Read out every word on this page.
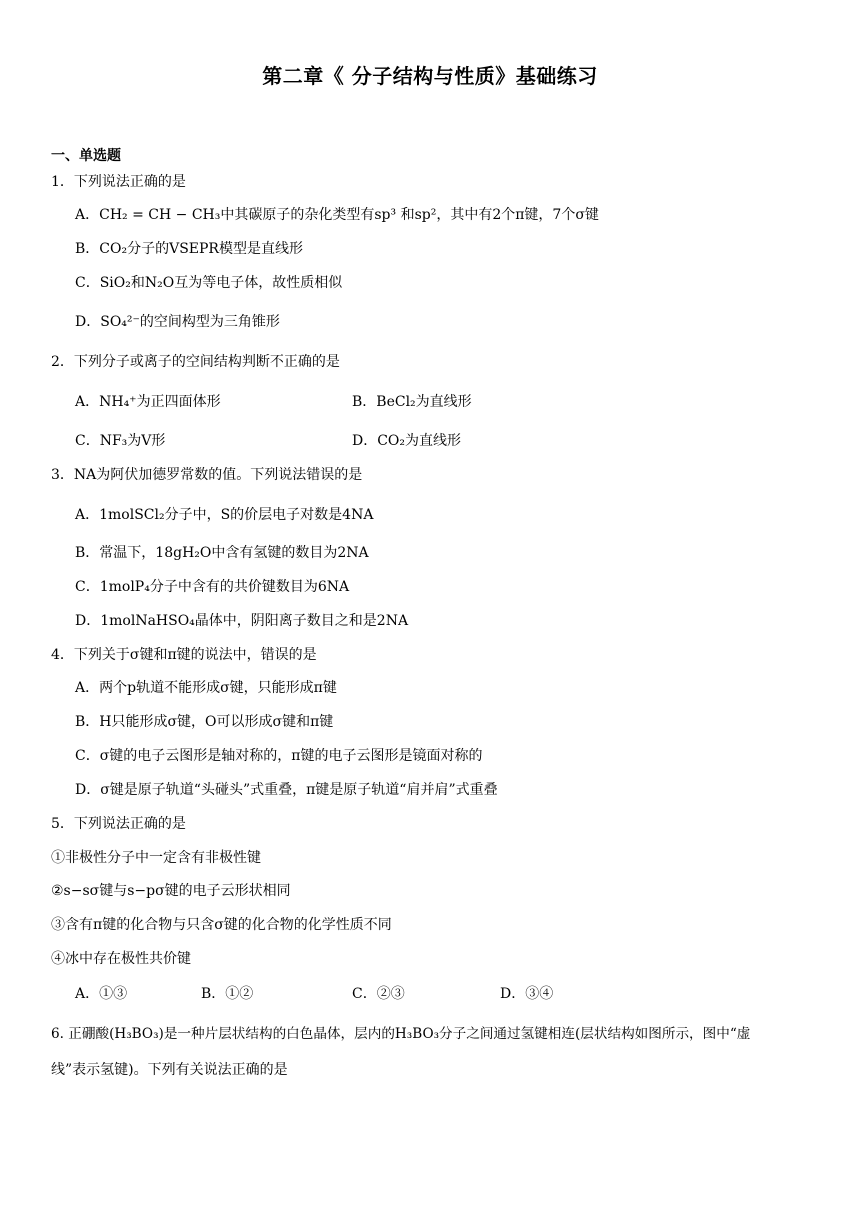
第二章《 分子结构与性质》基础练习
一、单选题
1．下列说法正确的是
A．CH₂ = CH − CH₃中其碳原子的杂化类型有sp³ 和sp²，其中有2个π键，7个σ键
B．CO₂分子的VSEPR模型是直线形
C．SiO₂和N₂O互为等电子体，故性质相似
D．SO₄²⁻的空间构型为三角锥形
2．下列分子或离子的空间结构判断不正确的是
A．NH₄⁺为正四面体形	B．BeCl₂为直线形
C．NF₃为V形	D．CO₂为直线形
3．NA为阿伏加德罗常数的值。下列说法错误的是
A．1molSCl₂分子中，S的价层电子对数是4NA
B．常温下，18gH₂O中含有氢键的数目为2NA
C．1molP₄分子中含有的共价键数目为6NA
D．1molNaHSO₄晶体中，阴阳离子数目之和是2NA
4．下列关于σ键和π键的说法中，错误的是
A．两个p轨道不能形成σ键，只能形成π键
B．H只能形成σ键，O可以形成σ键和π键
C．σ键的电子云图形是轴对称的，π键的电子云图形是镜面对称的
D．σ键是原子轨道“头碰头”式重叠，π键是原子轨道“肩并肩”式重叠
5．下列说法正确的是
①非极性分子中一定含有非极性键
②s−sσ键与s−pσ键的电子云形状相同
③含有π键的化合物与只含σ键的化合物的化学性质不同
④冰中存在极性共价键
A．①③	B．①②	C．②③	D．③④
6. 正硼酸(H₃BO₃)是一种片层状结构的白色晶体，层内的H₃BO₃分子之间通过氢键相连(层状结构如图所示，图中“虚
线”表示氢键)。下列有关说法正确的是
